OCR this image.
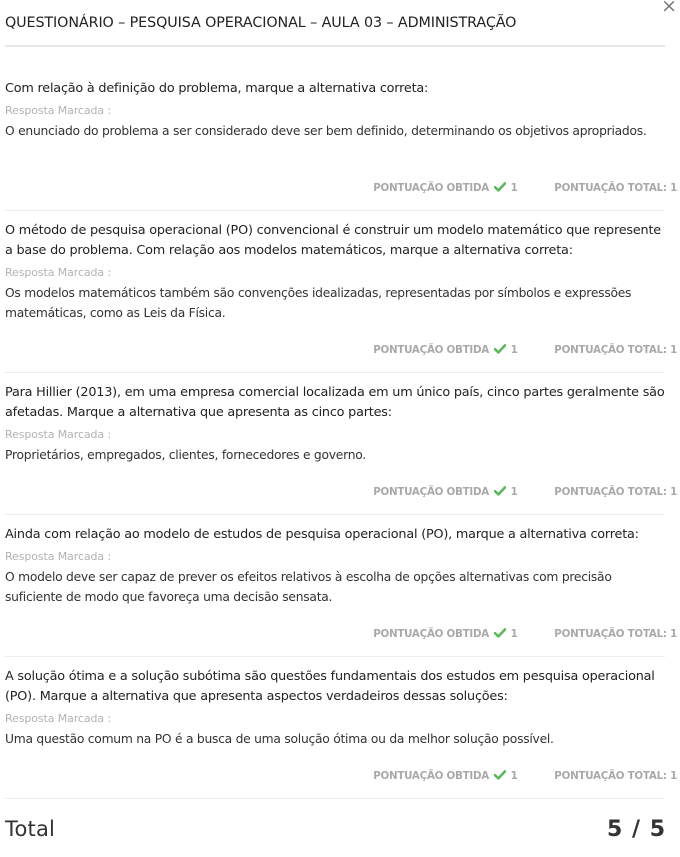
×
QUESTIONÁRIO – PESQUISA OPERACIONAL – AULA 03 – ADMINISTRAÇÃO

Com relação à definição do problema, marque a alternativa correta:

Resposta Marcada :
O enunciado do problema a ser considerado deve ser bem definido, determinando os objetivos apropriados.
PONTUAÇÃO OBTIDA 1	PONTUAÇÃO TOTAL: 1

O método de pesquisa operacional (PO) convencional é construir um modelo matemático que represente a base do problema. Com relação aos modelos matemáticos, marque a alternativa correta:

Resposta Marcada :
Os modelos matemáticos também são convenções idealizadas, representadas por símbolos e expressões matemáticas, como as Leis da Física.
PONTUAÇÃO OBTIDA 1	PONTUAÇÃO TOTAL: 1

Para Hillier (2013), em uma empresa comercial localizada em um único país, cinco partes geralmente são afetadas. Marque a alternativa que apresenta as cinco partes:

Resposta Marcada :
Proprietários, empregados, clientes, fornecedores e governo.
PONTUAÇÃO OBTIDA 1	PONTUAÇÃO TOTAL: 1

Ainda com relação ao modelo de estudos de pesquisa operacional (PO), marque a alternativa correta:

Resposta Marcada :
O modelo deve ser capaz de prever os efeitos relativos à escolha de opções alternativas com precisão suficiente de modo que favoreça uma decisão sensata.
PONTUAÇÃO OBTIDA 1	PONTUAÇÃO TOTAL: 1

A solução ótima e a solução subótima são questões fundamentais dos estudos em pesquisa operacional (PO). Marque a alternativa que apresenta aspectos verdadeiros dessas soluções:

Resposta Marcada :
Uma questão comum na PO é a busca de uma solução ótima ou da melhor solução possível.
PONTUAÇÃO OBTIDA 1	PONTUAÇÃO TOTAL: 1
Total	5 / 5
